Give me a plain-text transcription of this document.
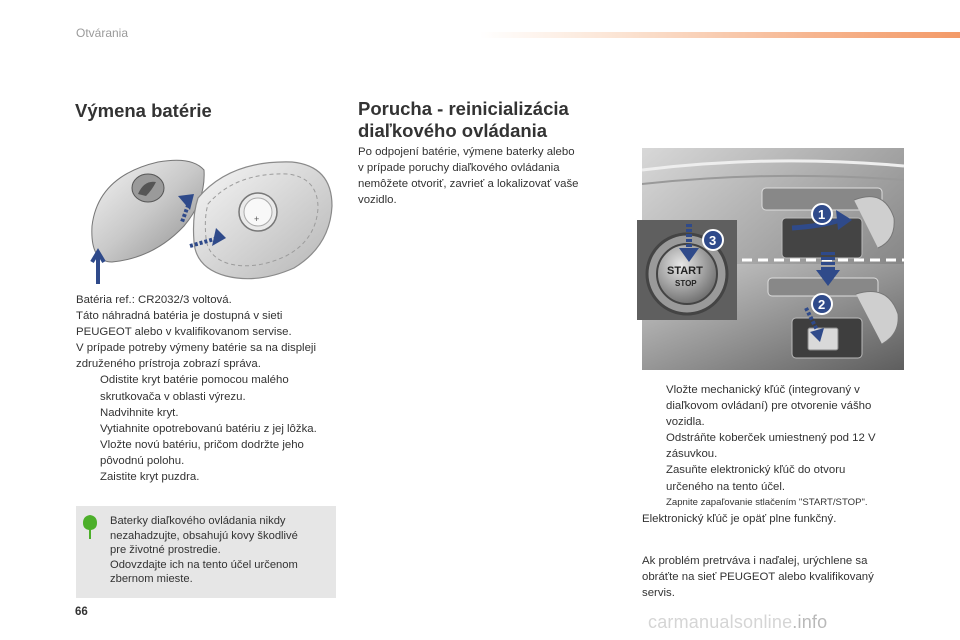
Otvárania
Výmena batérie
+
Batéria ref.: CR2032/3 voltová.
Táto náhradná batéria je dostupná v sieti
PEUGEOT alebo v kvalifikovanom servise.
V prípade potreby výmeny batérie sa na displeji
združeného prístroja zobrazí správa.
Odistite kryt batérie pomocou malého
skrutkovača v oblasti výrezu.
Nadvihnite kryt.
Vytiahnite opotrebovanú batériu z jej lôžka.
Vložte novú batériu, pričom dodržte jeho
pôvodnú polohu.
Zaistite kryt puzdra.
Baterky diaľkového ovládania nikdy
nezahadzujte, obsahujú kovy škodlivé
pre životné prostredie.
Odovzdajte ich na tento účel určenom
zbernom mieste.
Porucha - reinicializácia
diaľkového ovládania
Po odpojení batérie, výmene baterky alebo
v prípade poruchy diaľkového ovládania
nemôžete otvoriť, zavrieť a lokalizovať vaše
vozidlo.
1
2
START
STOP
3
Vložte mechanický kľúč (integrovaný v
diaľkovom ovládaní) pre otvorenie vášho
vozidla.
Odstráňte koberček umiestnený pod 12 V
zásuvkou.
Zasuňte elektronický kľúč do otvoru
určeného na tento účel.
Zapnite zapaľovanie stlačením "START/STOP".
Elektronický kľúč je opäť plne funkčný.
Ak problém pretrváva i naďalej, urýchlene sa
obráťte na sieť PEUGEOT alebo kvalifikovaný
servis.
66	carmanualsonline.info
